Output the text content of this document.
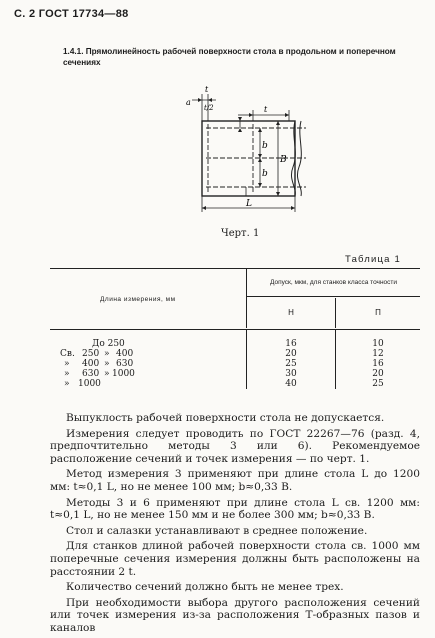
С. 2 ГОСТ 17734—88
1.4.1. Прямолинейность рабочей поверхности стола в продольном и поперечном сечениях
a
t
t/2	t
b
b
B
L
Черт. 1
Таблица 1
Длина измерения, мм
Допуск, мкм, для станков класса точности
Н	П
До 250	16	10
Св. 250 » 400	20	12
» 400 » 630	25	16
» 630 » 1000	30	20
» 1000	40	25

Выпуклость рабочей поверхности стола не допускается.

Измерения следует проводить по ГОСТ 22267—76 (разд. 4, предпочтительно методы 3 или 6). Рекомендуемое расположение сечений и точек измерения — по черт. 1.

Метод измерения 3 применяют при длине стола L до 1200 мм: t≈0,1 L, но не менее 100 мм; b≈0,33 B.

Методы 3 и 6 применяют при длине стола L св. 1200 мм: t≈0,1 L, но не менее 150 мм и не более 300 мм; b≈0,33 B.

Стол и салазки устанавливают в среднее положение.

Для станков длиной рабочей поверхности стола св. 1000 мм поперечные сечения измерения должны быть расположены на расстоянии 2 t.

Количество сечений должно быть не менее трех.

При необходимости выбора другого расположения сечений или точек измерения из-за расположения Т-образных пазов и каналов
